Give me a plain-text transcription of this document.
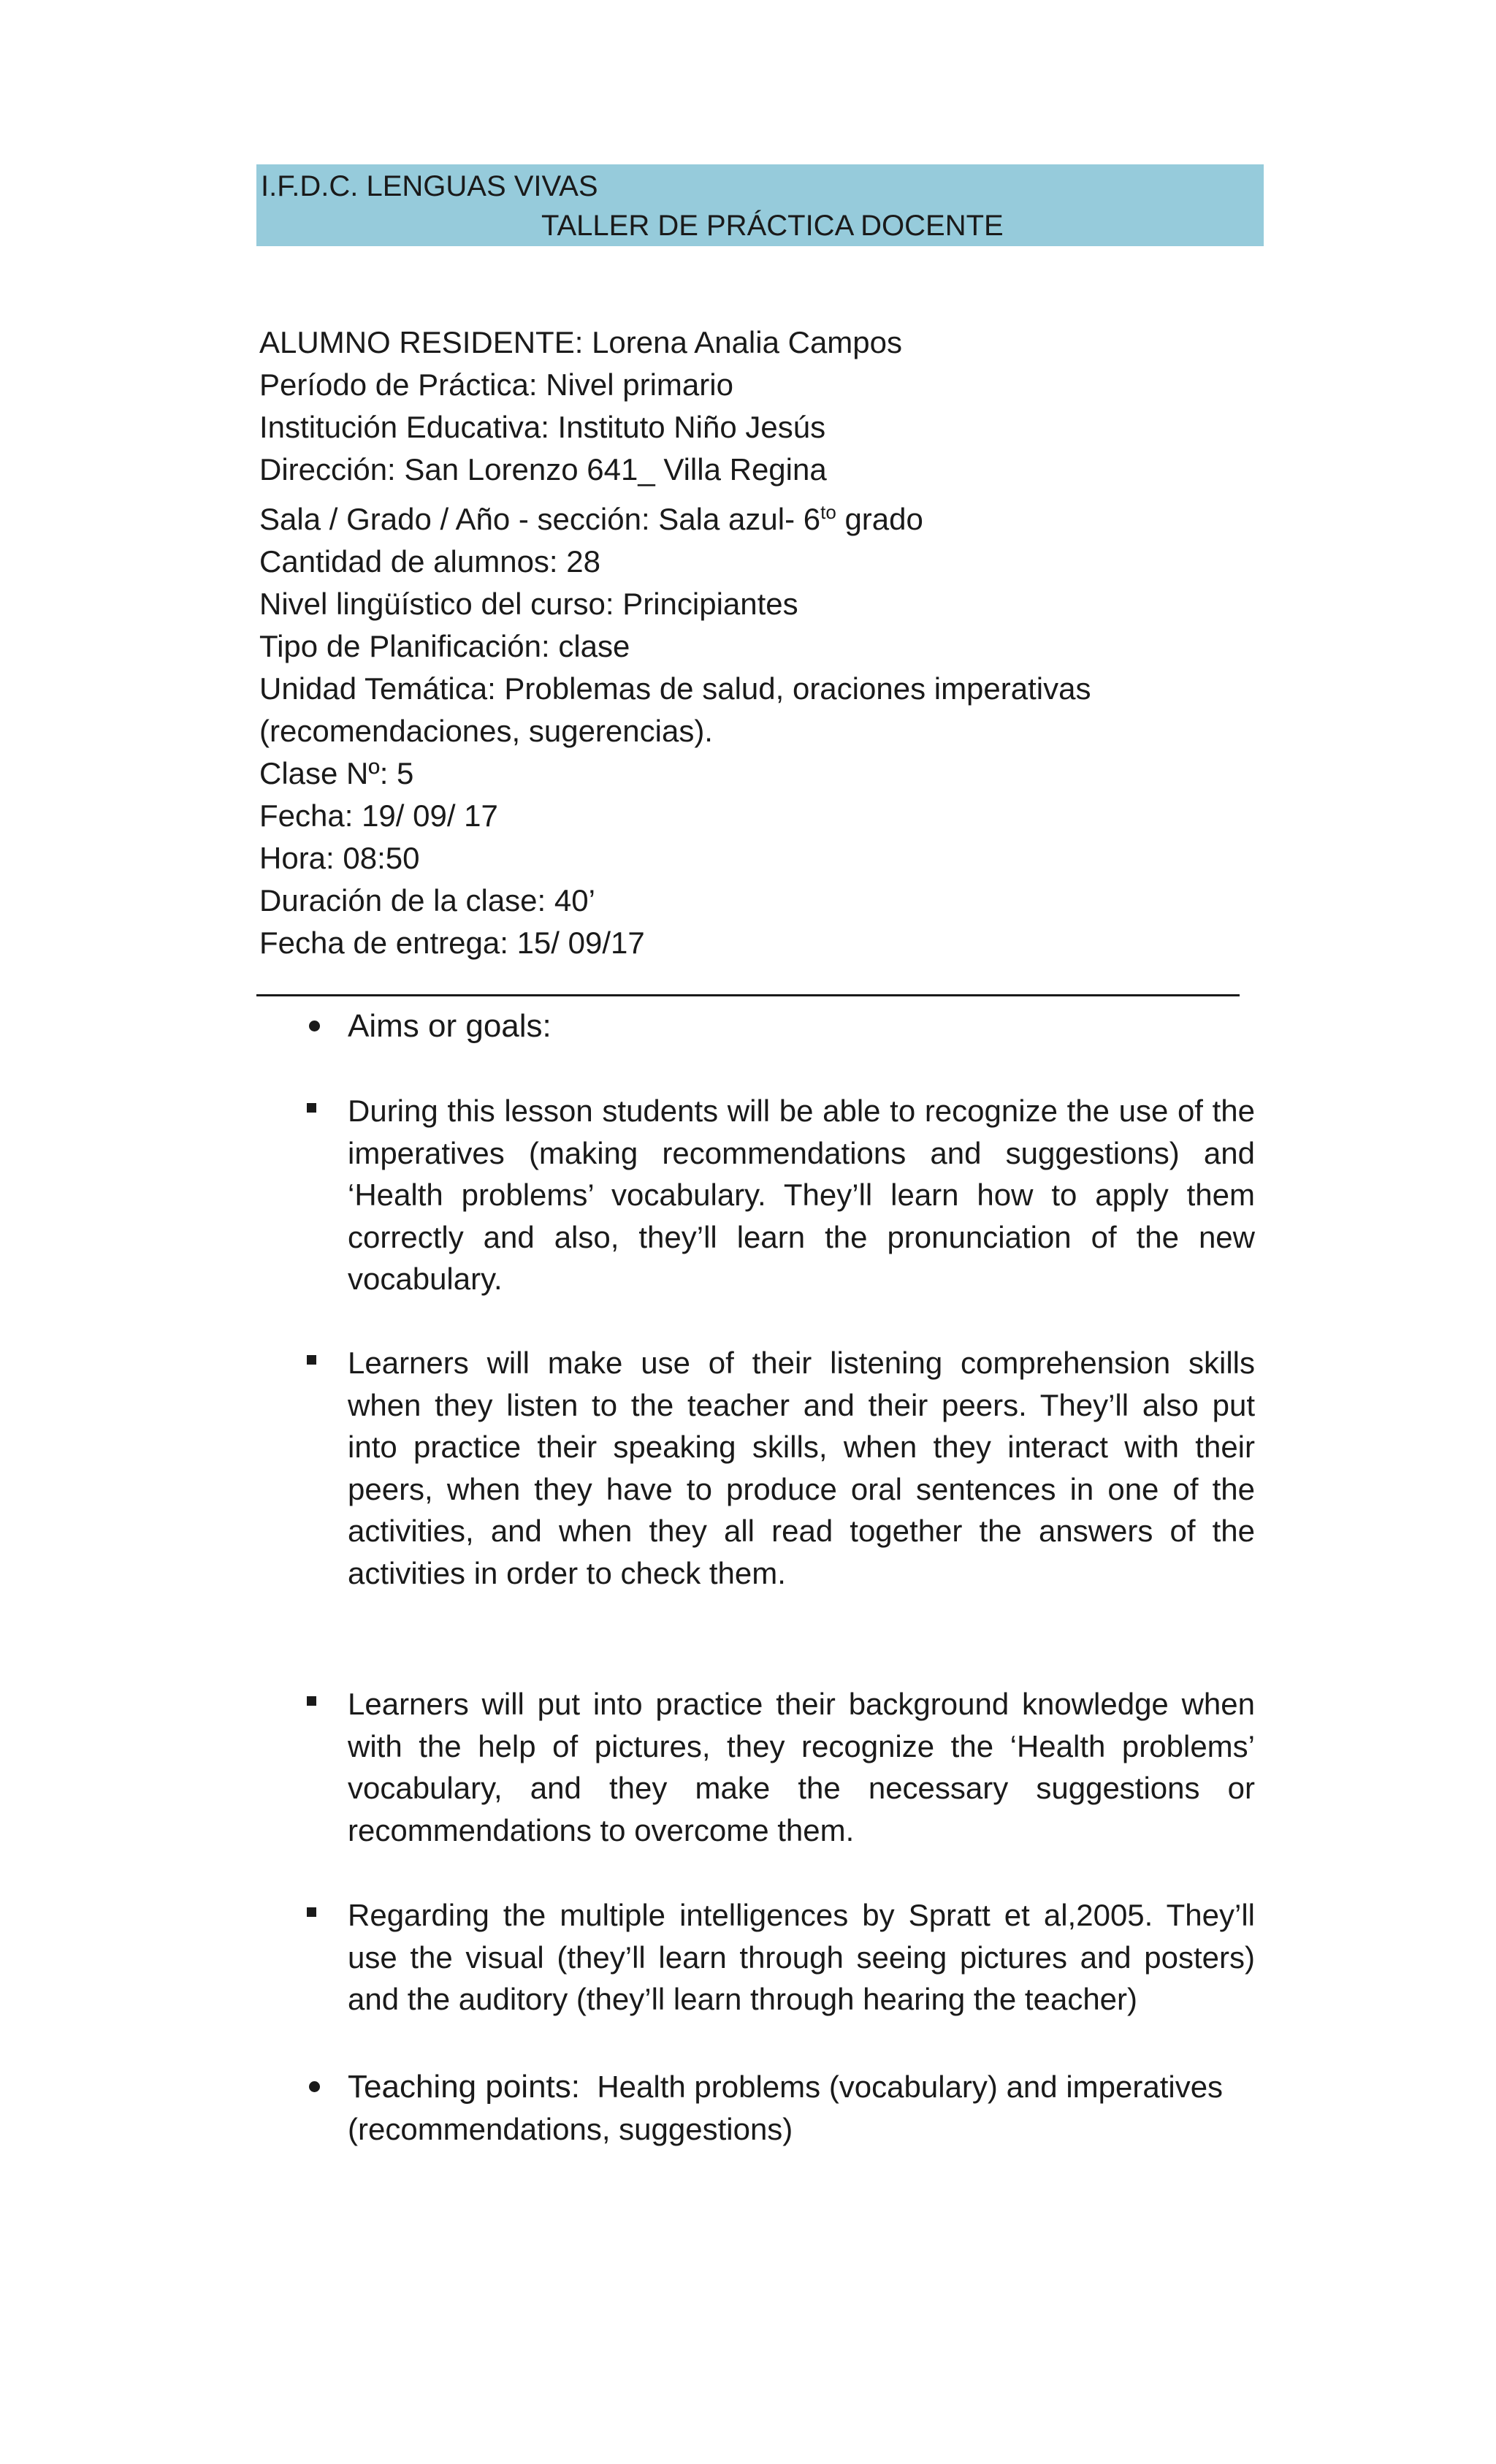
I.F.D.C. LENGUAS VIVAS
TALLER DE PRÁCTICA DOCENTE
ALUMNO RESIDENTE: Lorena Analia Campos
Período de Práctica: Nivel primario
Institución Educativa: Instituto Niño Jesús
Dirección: San Lorenzo 641_ Villa Regina
Sala / Grado / Año - sección: Sala azul- $6^{to}$ grado
Cantidad de alumnos: 28
Nivel lingüístico del curso: Principiantes
Tipo de Planificación: clase
Unidad Temática: Problemas de salud, oraciones imperativas
(recomendaciones, sugerencias).
Clase Nº: 5
Fecha: 19/ 09/ 17
Hora: 08:50
Duración de la clase: 40’
Fecha de entrega: 15/ 09/17
Aims or goals:
During this lesson students will be able to recognize the use of the imperatives (making recommendations and suggestions) and ‘Health problems’ vocabulary. They’ll learn how to apply them correctly and also, they’ll learn the pronunciation of the new vocabulary.
Learners will make use of their listening comprehension skills when they listen to the teacher and their peers. They’ll also put into practice their speaking skills, when they interact with their peers, when they have to produce oral sentences in one of the activities, and when they all read together the answers of the activities in order to check them.
Learners will put into practice their background knowledge when with the help of pictures, they recognize the ‘Health problems’ vocabulary, and they make the necessary suggestions or recommendations to overcome them.
Regarding the multiple intelligences by Spratt et al,2005. They’ll use the visual (they’ll learn through seeing pictures and posters) and the auditory (they’ll learn through hearing the teacher)
Teaching points: Health problems (vocabulary) and imperatives (recommendations, suggestions)
